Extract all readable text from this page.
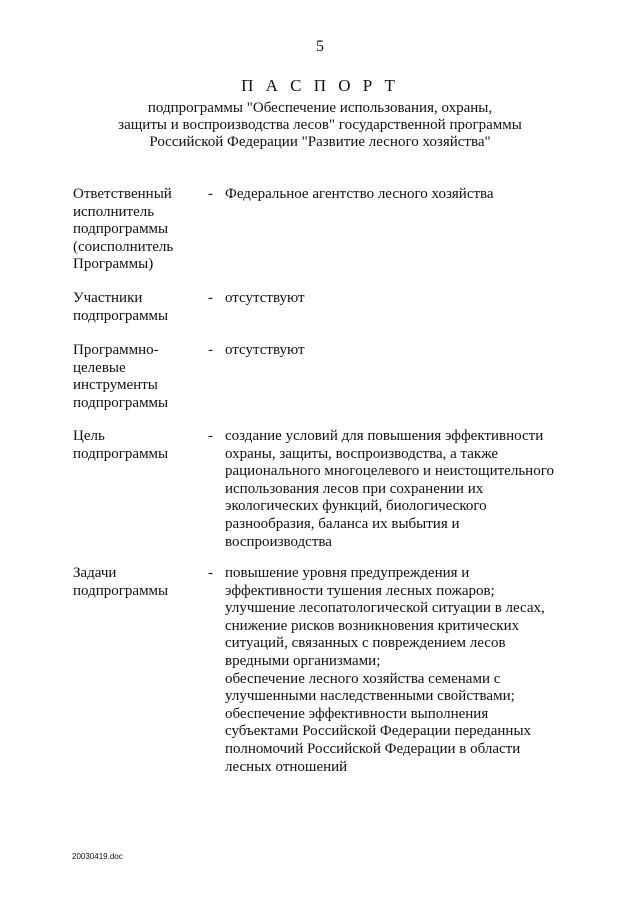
5
П А С П О Р Т
подпрограммы "Обеспечение использования, охраны,
защиты и воспроизводства лесов" государственной программы
Российской Федерации "Развитие лесного хозяйства"
Ответственный
исполнитель
подпрограммы
(соисполнитель
Программы)
- Федеральное агентство лесного хозяйства
Участники
подпрограммы
- отсутствуют
Программно-
целевые
инструменты
подпрограммы
- отсутствуют
Цель
подпрограммы
- создание условий для повышения эффективности
охраны, защиты, воспроизводства, а также
рационального многоцелевого и неистощительного
использования лесов при сохранении их
экологических функций, биологического
разнообразия, баланса их выбытия и
воспроизводства
Задачи
подпрограммы
- повышение уровня предупреждения и
эффективности тушения лесных пожаров;
улучшение лесопатологической ситуации в лесах,
снижение рисков возникновения критических
ситуаций, связанных с повреждением лесов
вредными организмами;
обеспечение лесного хозяйства семенами с
улучшенными наследственными свойствами;
обеспечение эффективности выполнения
субъектами Российской Федерации переданных
полномочий Российской Федерации в области
лесных отношений
20030419.doc
